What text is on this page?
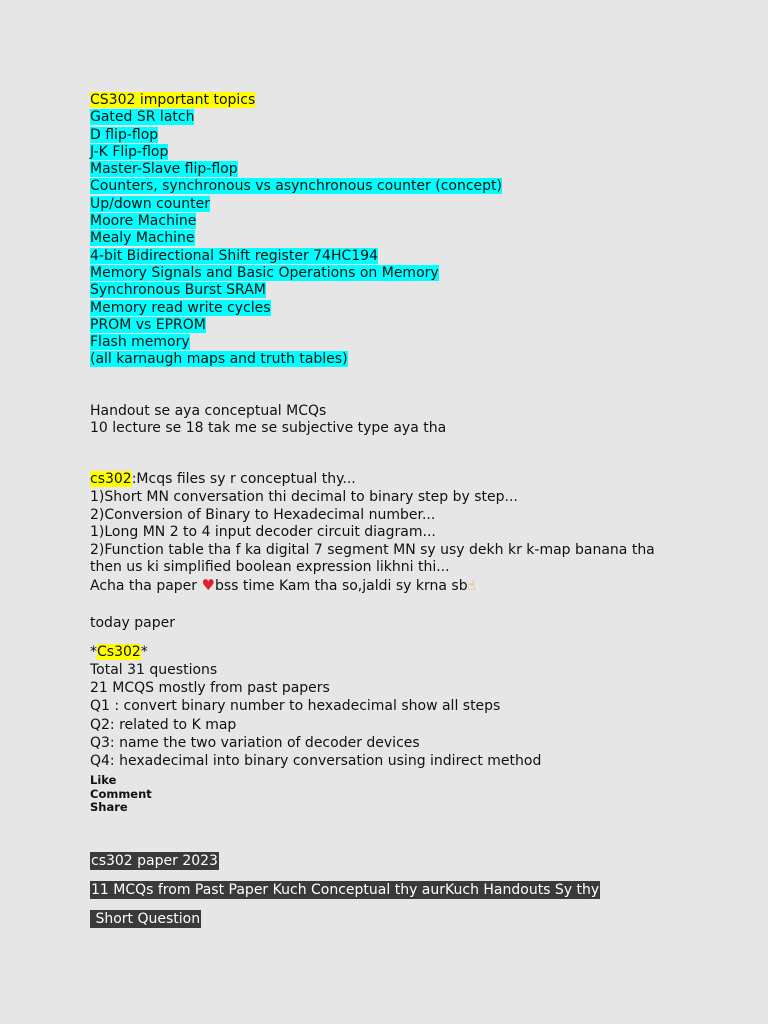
CS302 important topics
Gated SR latch
D flip-flop
J-K Flip-flop
Master-Slave flip-flop
Counters, synchronous vs asynchronous counter (concept)
Up/down counter
Moore Machine
Mealy Machine
4-bit Bidirectional Shift register 74HC194
Memory Signals and Basic Operations on Memory
Synchronous Burst SRAM
Memory read write cycles
PROM vs EPROM
Flash memory
(all karnaugh maps and truth tables)
Handout se aya conceptual MCQs
10 lecture se 18 tak me se subjective type aya tha
cs302:Mcqs files sy r conceptual thy...
1)Short MN conversation thi decimal to binary step by step...
2)Conversion of Binary to Hexadecimal number...
1)Long MN 2 to 4 input decoder circuit diagram...
2)Function table tha f ka digital 7 segment MN sy usy dekh kr k-map banana tha
then us ki simplified boolean expression likhni thi...
Acha tha paper ♥bss time Kam tha so,jaldi sy krna sb☝
today paper
*Cs302*
Total 31 questions
21 MCQS mostly from past papers
Q1 : convert binary number to hexadecimal show all steps
Q2: related to K map
Q3: name the two variation of decoder devices
Q4: hexadecimal into binary conversation using indirect method
Like
Comment
Share
cs302 paper 2023
11 MCQs from Past Paper Kuch Conceptual thy aurKuch Handouts Sy thy
Short Question
